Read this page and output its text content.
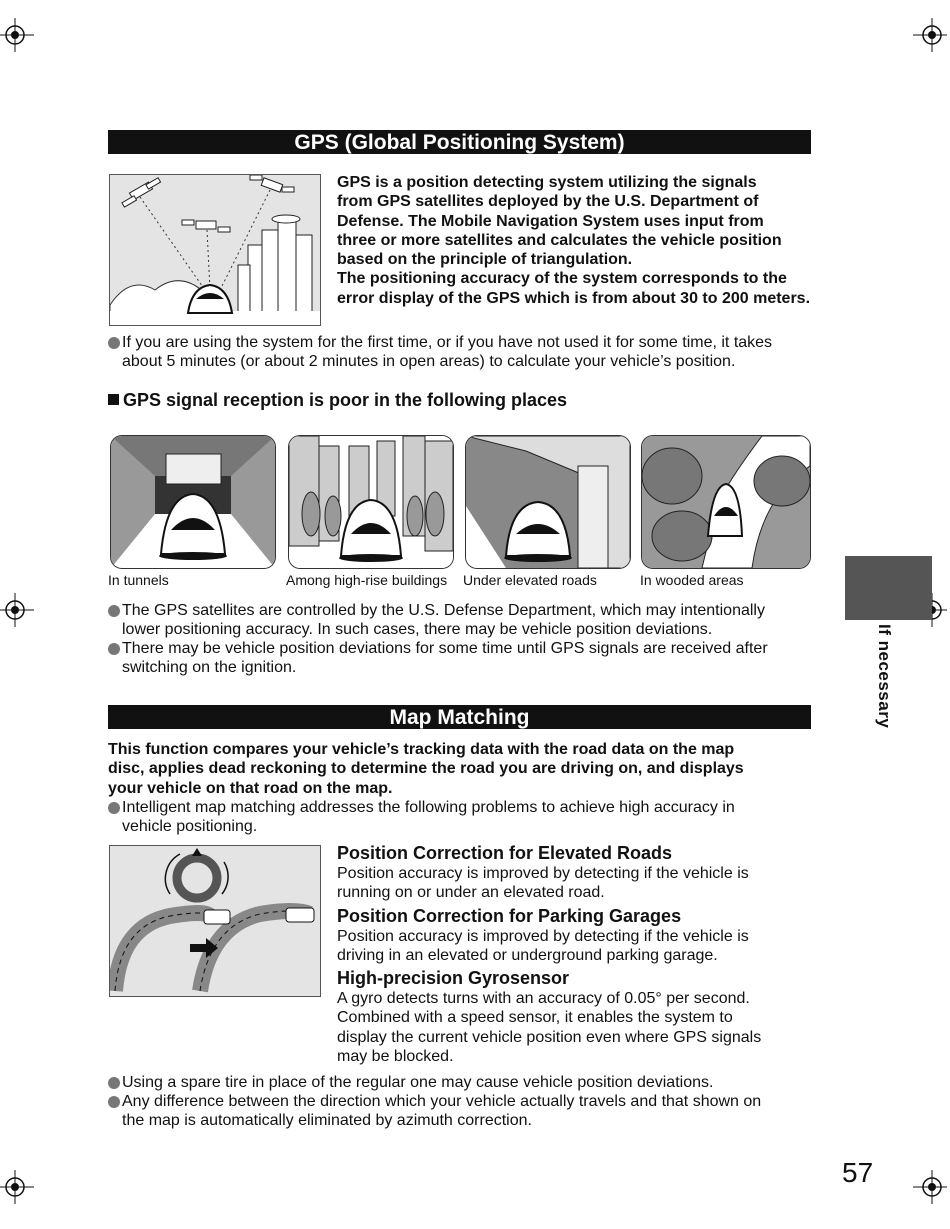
GPS (Global Positioning System)
GPS is a position detecting system utilizing the signals
from GPS satellites deployed by the U.S. Department of
Defense. The Mobile Navigation System uses input from
three or more satellites and calculates the vehicle position
based on the principle of triangulation.
The positioning accuracy of the system corresponds to the
error display of the GPS which is from about 30 to 200 meters.
If you are using the system for the first time, or if you have not used it for some time, it takes
about 5 minutes (or about 2 minutes in open areas) to calculate your vehicle’s position.
GPS signal reception is poor in the following places
In tunnels	Among high-rise buildings Under elevated roads	In wooded areas
The GPS satellites are controlled by the U.S. Defense Department, which may intentionally
lower positioning accuracy. In such cases, there may be vehicle position deviations.
There may be vehicle position deviations for some time until GPS signals are received after
switching on the ignition.
Map Matching
This function compares your vehicle’s tracking data with the road data on the map
disc, applies dead reckoning to determine the road you are driving on, and displays
your vehicle on that road on the map.
Intelligent map matching addresses the following problems to achieve high accuracy in
vehicle positioning.
Position Correction for Elevated Roads
Position accuracy is improved by detecting if the vehicle is
running on or under an elevated road.
Position Correction for Parking Garages
Position accuracy is improved by detecting if the vehicle is
driving in an elevated or underground parking garage.
High-precision Gyrosensor
A gyro detects turns with an accuracy of 0.05° per second.
Combined with a speed sensor, it enables the system to
display the current vehicle position even where GPS signals
may be blocked.
Using a spare tire in place of the regular one may cause vehicle position deviations.
Any difference between the direction which your vehicle actually travels and that shown on
the map is automatically eliminated by azimuth correction.
If necessary
57
